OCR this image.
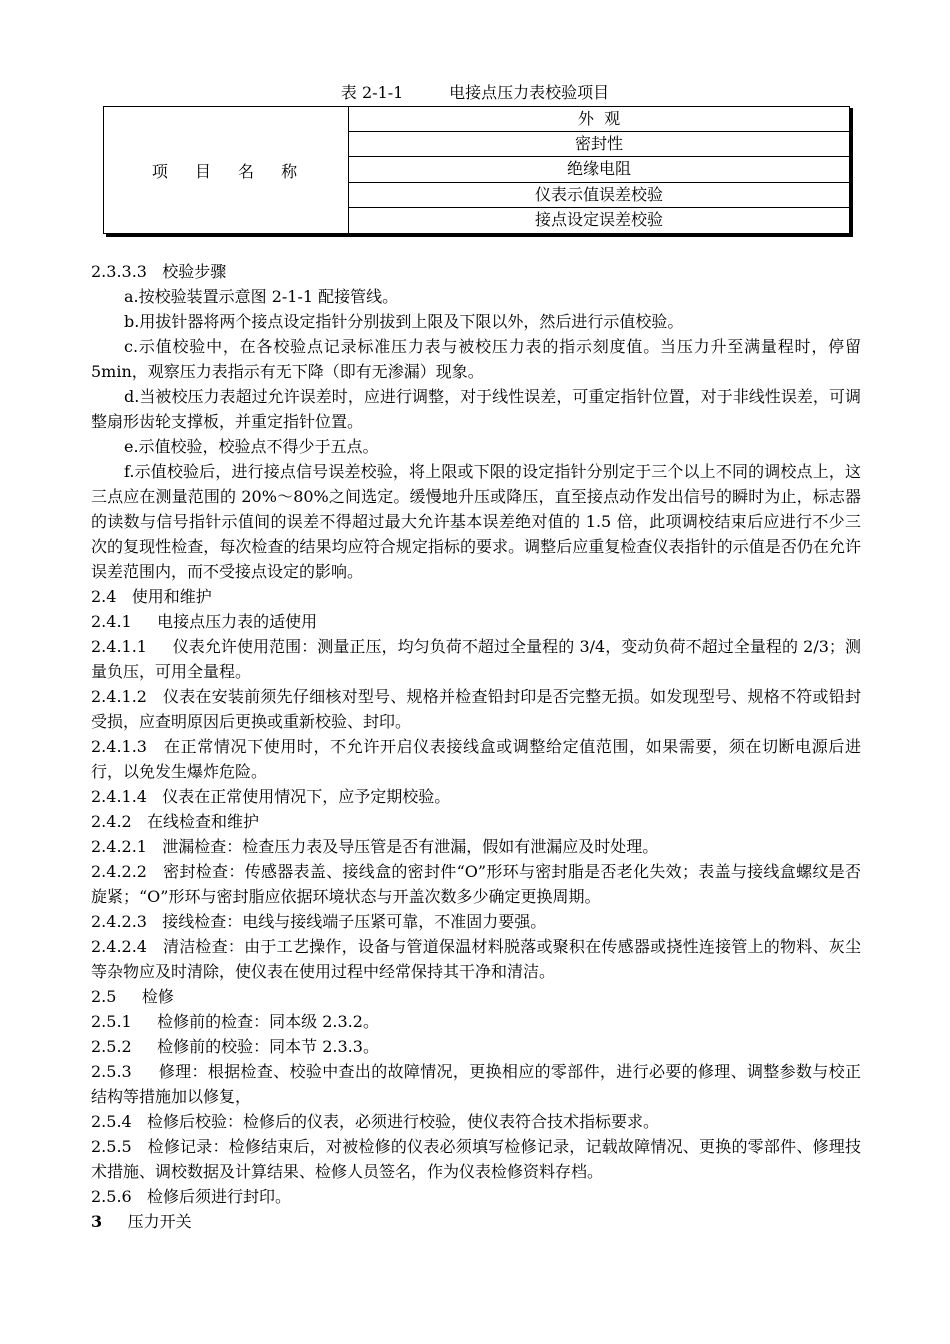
表 2-1-1         电接点压力表校验项目
项 目 名 称
外  观
密封性
绝缘电阻
仪表示值误差校验
接点设定误差校验

2.3.3.3   校验步骤

a.按校验装置示意图 2-1-1 配接管线。

b.用拔针器将两个接点设定指针分别拔到上限及下限以外，然后进行示值校验。

c.示值校验中，在各校验点记录标准压力表与被校压力表的指示刻度值。当压力升至满量程时，停留 5min，观察压力表指示有无下降（即有无渗漏）现象。

d.当被校压力表超过允许误差时，应进行调整，对于线性误差，可重定指针位置，对于非线性误差，可调整扇形齿轮支撑板，并重定指针位置。

e.示值校验，校验点不得少于五点。

f.示值校验后，进行接点信号误差校验，将上限或下限的设定指针分别定于三个以上不同的调校点上，这三点应在测量范围的 20%～80%之间选定。缓慢地升压或降压，直至接点动作发出信号的瞬时为止，标志器的读数与信号指针示值间的误差不得超过最大允许基本误差绝对值的 1.5 倍，此项调校结束后应进行不少三次的复现性检查，每次检查的结果均应符合规定指标的要求。调整后应重复检查仪表指针的示值是否仍在允许误差范围内，而不受接点设定的影响。

2.4   使用和维护

2.4.1     电接点压力表的适使用

2.4.1.1     仪表允许使用范围：测量正压，均匀负荷不超过全量程的 3/4，变动负荷不超过全量程的 2/3；测量负压，可用全量程。

2.4.1.2   仪表在安装前须先仔细核对型号、规格并检查铅封印是否完整无损。如发现型号、规格不符或铅封受损，应查明原因后更换或重新校验、封印。

2.4.1.3   在正常情况下使用时，不允许开启仪表接线盒或调整给定值范围，如果需要，须在切断电源后进行，以免发生爆炸危险。

2.4.1.4   仪表在正常使用情况下，应予定期校验。

2.4.2   在线检查和维护

2.4.2.1   泄漏检查：检查压力表及导压管是否有泄漏，假如有泄漏应及时处理。

2.4.2.2   密封检查：传感器表盖、接线盒的密封件“O”形环与密封脂是否老化失效；表盖与接线盒螺纹是否旋紧；“O”形环与密封脂应依据环境状态与开盖次数多少确定更换周期。

2.4.2.3   接线检查：电线与接线端子压紧可靠，不准固力要强。

2.4.2.4   清洁检查：由于工艺操作，设备与管道保温材料脱落或聚积在传感器或挠性连接管上的物料、灰尘等杂物应及时清除，使仪表在使用过程中经常保持其干净和清洁。

2.5     检修

2.5.1     检修前的检查：同本级 2.3.2。

2.5.2     检修前的校验：同本节 2.3.3。

2.5.3     修理：根据检查、校验中查出的故障情况，更换相应的零部件，进行必要的修理、调整参数与校正结构等措施加以修复，

2.5.4   检修后校验：检修后的仪表，必须进行校验，使仪表符合技术指标要求。

2.5.5   检修记录：检修结束后，对被检修的仪表必须填写检修记录，记载故障情况、更换的零部件、修理技术措施、调校数据及计算结果、检修人员签名，作为仪表检修资料存档。

2.5.6   检修后须进行封印。

3     压力开关
